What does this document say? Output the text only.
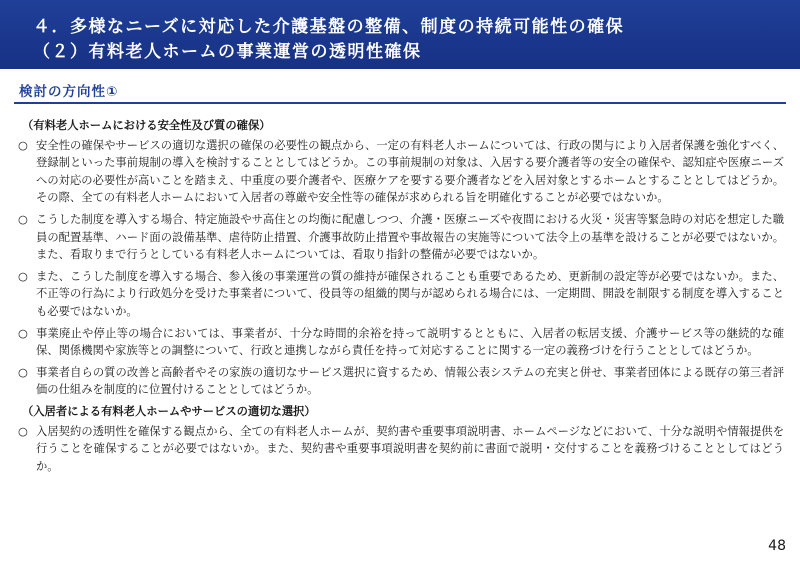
４．多様なニーズに対応した介護基盤の整備、制度の持続可能性の確保
（２）有料老人ホームの事業運営の透明性確保
検討の方向性①
（有料老人ホームにおける安全性及び質の確保）
○ 安全性の確保やサービスの適切な選択の確保の必要性の観点から、一定の有料老人ホームについては、行政の関与により入居者保護を強化すべく、登録制といった事前規制の導入を検討することとしてはどうか。この事前規制の対象は、入居する要介護者等の安全の確保や、認知症や医療ニーズへの対応の必要性が高いことを踏まえ、中重度の要介護者や、医療ケアを要する要介護者などを入居対象とするホームとすることとしてはどうか。その際、全ての有料老人ホームにおいて入居者の尊厳や安全性等の確保が求められる旨を明確化することが必要ではないか。
○ こうした制度を導入する場合、特定施設やサ高住との均衡に配慮しつつ、介護・医療ニーズや夜間における火災・災害等緊急時の対応を想定した職員の配置基準、ハード面の設備基準、虐待防止措置、介護事故防止措置や事故報告の実施等について法令上の基準を設けることが必要ではないか。また、看取りまで行うとしている有料老人ホームについては、看取り指針の整備が必要ではないか。
○ また、こうした制度を導入する場合、参入後の事業運営の質の維持が確保されることも重要であるため、更新制の設定等が必要ではないか。また、不正等の行為により行政処分を受けた事業者について、役員等の組織的関与が認められる場合には、一定期間、開設を制限する制度を導入することも必要ではないか。
○ 事業廃止や停止等の場合においては、事業者が、十分な時間的余裕を持って説明するとともに、入居者の転居支援、介護サービス等の継続的な確保、関係機関や家族等との調整について、行政と連携しながら責任を持って対応することに関する一定の義務づけを行うこととしてはどうか。
○ 事業者自らの質の改善と高齢者やその家族の適切なサービス選択に資するため、情報公表システムの充実と併せ、事業者団体による既存の第三者評価の仕組みを制度的に位置付けることとしてはどうか。
（入居者による有料老人ホームやサービスの適切な選択）
○ 入居契約の透明性を確保する観点から、全ての有料老人ホームが、契約書や重要事項説明書、ホームページなどにおいて、十分な説明や情報提供を行うことを確保することが必要ではないか。また、契約書や重要事項説明書を契約前に書面で説明・交付することを義務づけることとしてはどうか。
48
